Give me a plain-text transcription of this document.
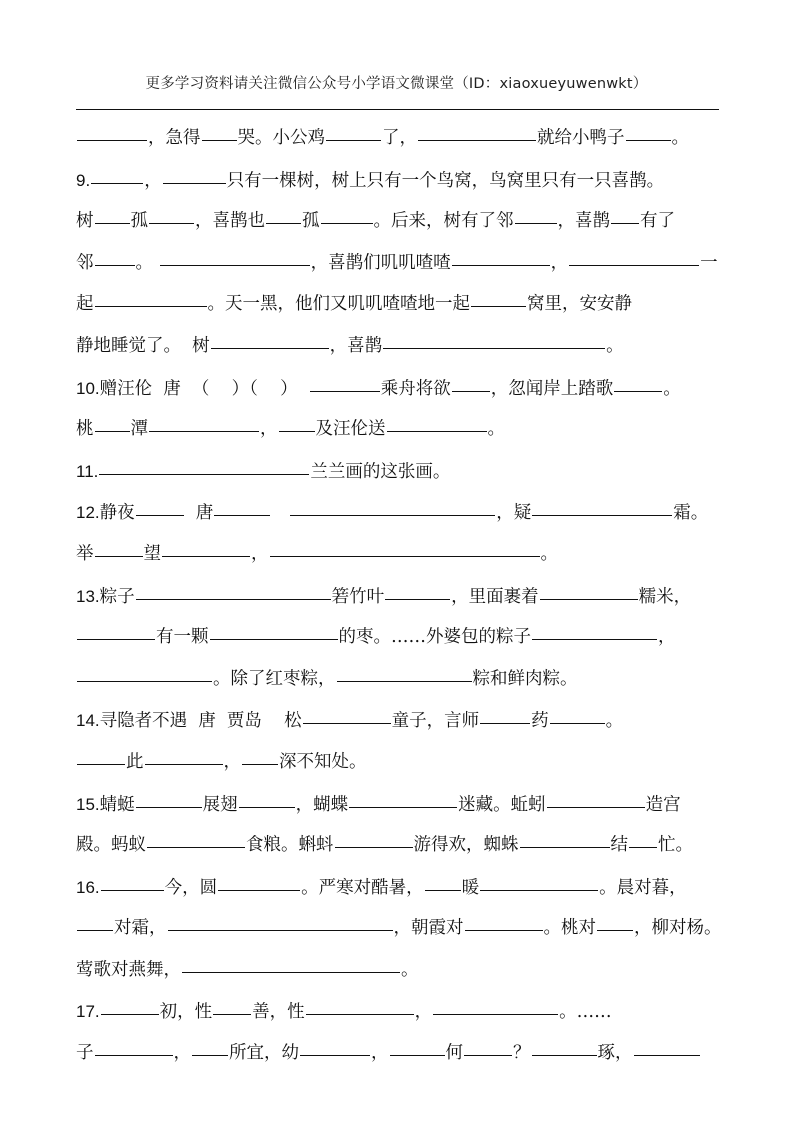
更多学习资料请关注微信公众号小学语文微课堂（ID：xiaoxueyuwenwkt）
，急得 哭。小公鸡	了，	就给小鸭子	。
9.	，	只有一棵树，树上只有一个鸟窝，鸟窝里只有一只喜鹊。
树 孤	，喜鹊也 孤	。后来，树有了邻	，喜鹊 有了
邻 。	，喜鹊们叽叽喳喳	，	一
起	。天一黑，他们又叽叽喳喳地一起	窝里，安安静
静地睡觉了。  树	，喜鹊	。
10. 赠汪伦  唐  （    ）（    ）	乘舟将欲 ，忽闻岸上踏歌	。
桃 潭	， 及汪伦送	。
11.	兰兰画的这张画。
12. 静夜	唐	，疑	霜。
举	望	，	。
13. 粽子	箬竹叶	，里面裹着	糯米，
有一颗	的枣。……外婆包的粽子	，
。除了红枣粽，	粽和鲜肉粽。
14. 寻隐者不遇  唐  贾岛    松	童子，言师	药	。
此	， 深不知处。
15. 蜻蜓	展翅	，蝴蝶	迷藏。蚯蚓	造宫
殿。蚂蚁	食粮。蝌蚪	游得欢，蜘蛛	结 忙。
16.	今，圆	。严寒对酷暑， 暖	。晨对暮，
对霜，	，朝霞对	。桃对 ，柳对杨。
莺歌对燕舞，	。
17.	初，性 善，性	，	。……
子	， 所宜，幼	，	何	？	琢，
